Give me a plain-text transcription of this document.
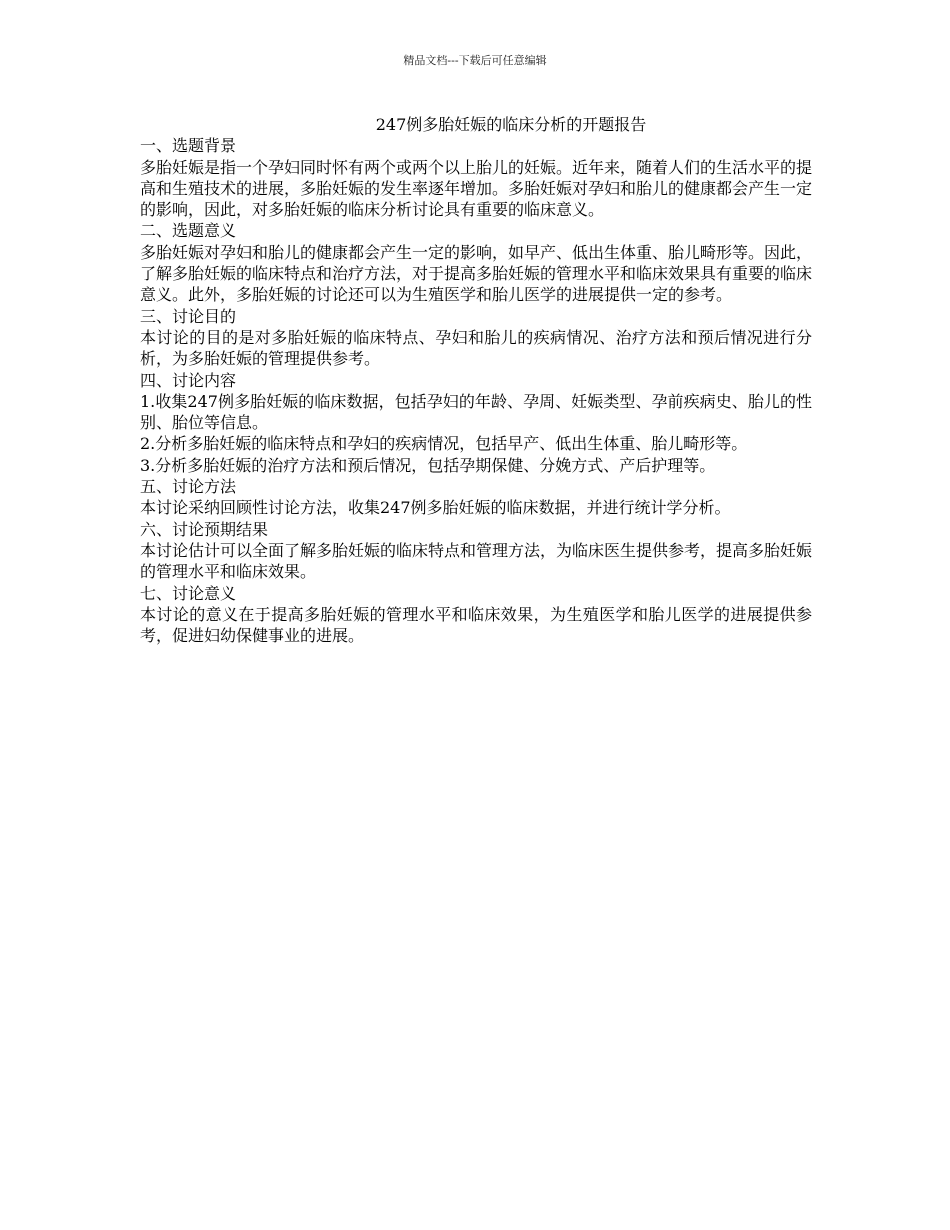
精品文档---下载后可任意编辑
247例多胎妊娠的临床分析的开题报告
一、选题背景

多胎妊娠是指一个孕妇同时怀有两个或两个以上胎儿的妊娠。近年来，随着人们的生活水平的提高和生殖技术的进展，多胎妊娠的发生率逐年增加。多胎妊娠对孕妇和胎儿的健康都会产生一定的影响，因此，对多胎妊娠的临床分析讨论具有重要的临床意义。

二、选题意义

多胎妊娠对孕妇和胎儿的健康都会产生一定的影响，如早产、低出生体重、胎儿畸形等。因此，了解多胎妊娠的临床特点和治疗方法，对于提高多胎妊娠的管理水平和临床效果具有重要的临床意义。此外，多胎妊娠的讨论还可以为生殖医学和胎儿医学的进展提供一定的参考。

三、讨论目的

本讨论的目的是对多胎妊娠的临床特点、孕妇和胎儿的疾病情况、治疗方法和预后情况进行分析，为多胎妊娠的管理提供参考。

四、讨论内容

1.收集247例多胎妊娠的临床数据，包括孕妇的年龄、孕周、妊娠类型、孕前疾病史、胎儿的性别、胎位等信息。

2.分析多胎妊娠的临床特点和孕妇的疾病情况，包括早产、低出生体重、胎儿畸形等。

3.分析多胎妊娠的治疗方法和预后情况，包括孕期保健、分娩方式、产后护理等。

五、讨论方法

本讨论采纳回顾性讨论方法，收集247例多胎妊娠的临床数据，并进行统计学分析。

六、讨论预期结果

本讨论估计可以全面了解多胎妊娠的临床特点和管理方法，为临床医生提供参考，提高多胎妊娠的管理水平和临床效果。

七、讨论意义

本讨论的意义在于提高多胎妊娠的管理水平和临床效果，为生殖医学和胎儿医学的进展提供参考，促进妇幼保健事业的进展。
